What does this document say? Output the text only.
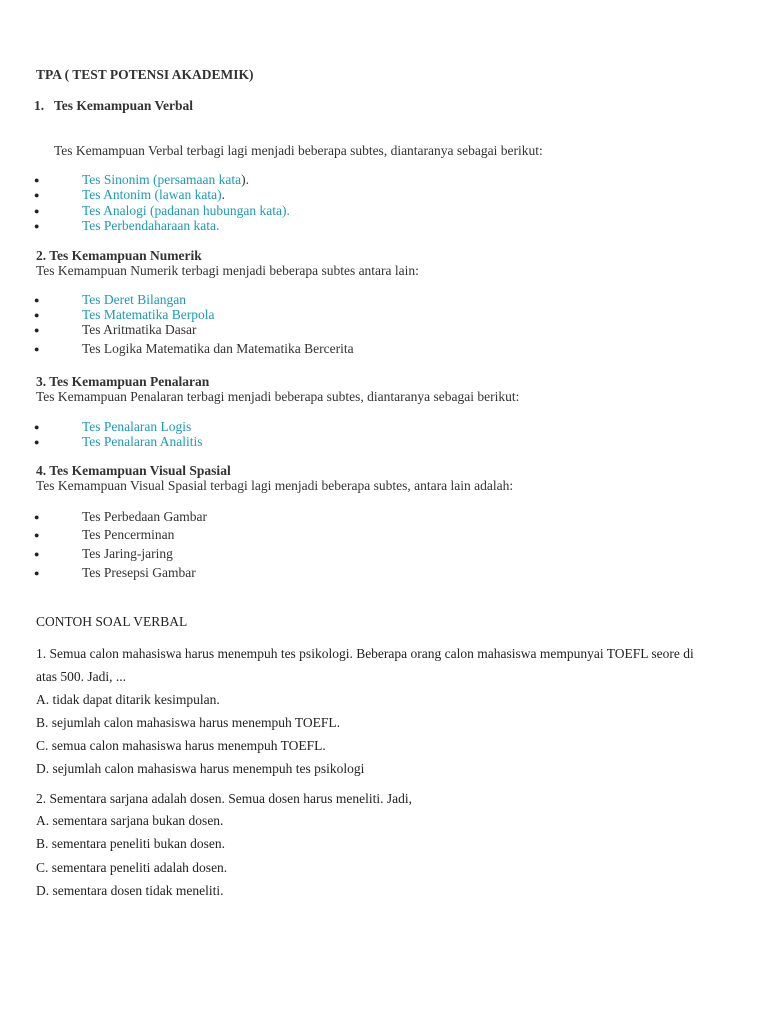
TPA ( TEST POTENSI AKADEMIK)
1. Tes Kemampuan Verbal
Tes Kemampuan Verbal terbagi lagi menjadi beberapa subtes, diantaranya sebagai berikut:
●	Tes Sinonim (persamaan kata).
●	Tes Antonim (lawan kata).
●	Tes Analogi (padanan hubungan kata).
●	Tes Perbendaharaan kata.
2. Tes Kemampuan Numerik
Tes Kemampuan Numerik terbagi menjadi beberapa subtes antara lain:
●	Tes Deret Bilangan
●	Tes Matematika Berpola
●	Tes Aritmatika Dasar
●	Tes Logika Matematika dan Matematika Bercerita
3. Tes Kemampuan Penalaran
Tes Kemampuan Penalaran terbagi menjadi beberapa subtes, diantaranya sebagai berikut:
●	Tes Penalaran Logis
●	Tes Penalaran Analitis
4. Tes Kemampuan Visual Spasial
Tes Kemampuan Visual Spasial terbagi lagi menjadi beberapa subtes, antara lain adalah:
●	Tes Perbedaan Gambar
●	Tes Pencerminan
●	Tes Jaring-jaring
●	Tes Presepsi Gambar
CONTOH SOAL VERBAL
1. Semua calon mahasiswa harus menempuh tes psikologi. Beberapa orang calon mahasiswa mempunyai TOEFL seore di
atas 500. Jadi, ...
A. tidak dapat ditarik kesimpulan.
B. sejumlah calon mahasiswa harus menempuh TOEFL.
C. semua calon mahasiswa harus menempuh TOEFL.
D. sejumlah calon mahasiswa harus menempuh tes psikologi
2. Sementara sarjana adalah dosen. Semua dosen harus meneliti. Jadi,
A. sementara sarjana bukan dosen.
B. sementara peneliti bukan dosen.
C. sementara peneliti adalah dosen.
D. sementara dosen tidak meneliti.
